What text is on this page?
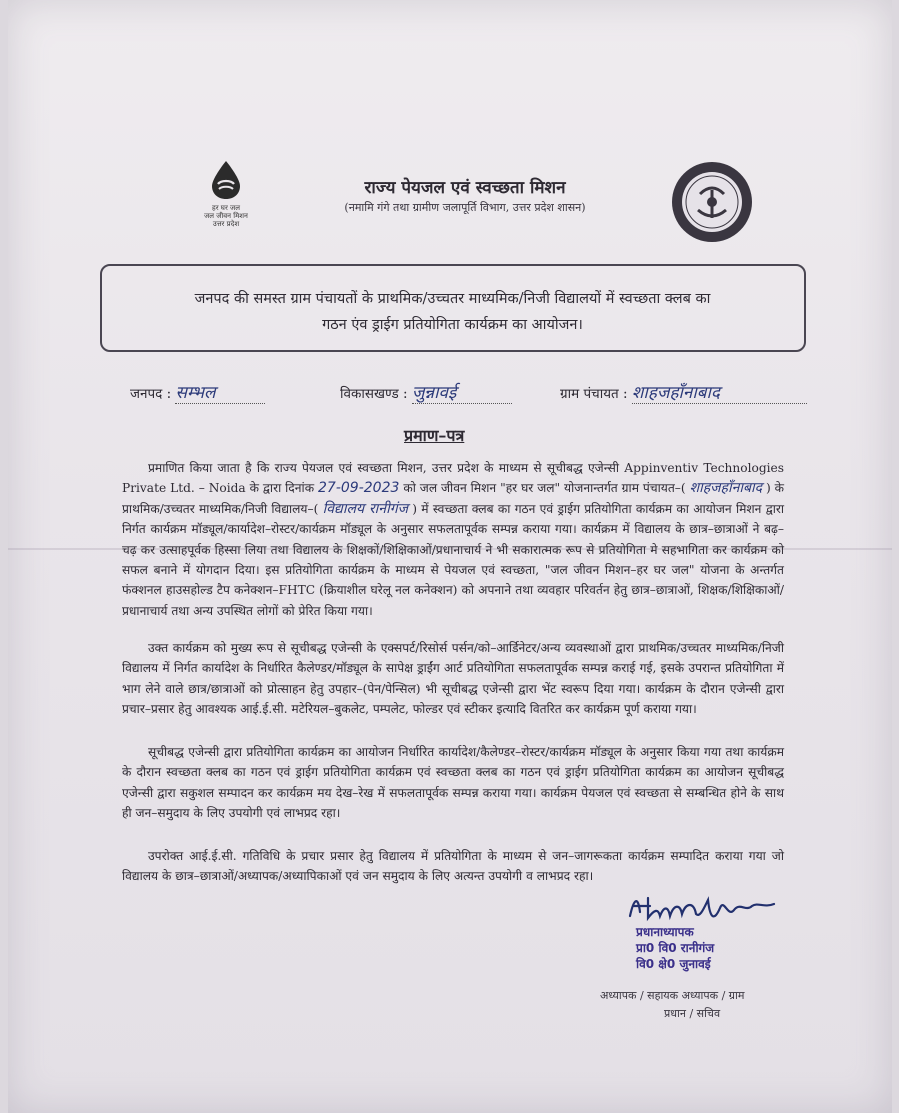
हर घर जल
जल जीवन मिशन
उत्तर प्रदेश
राज्य पेयजल एवं स्वच्छता मिशन
(नमामि गंगे तथा ग्रामीण जलापूर्ति विभाग, उत्तर प्रदेश शासन)
जनपद की समस्त ग्राम पंचायतों के प्राथमिक/उच्चतर माध्यमिक/निजी विद्यालयों में स्वच्छता क्लब का
गठन एंव ड्राईग प्रतियोगिता कार्यक्रम का आयोजन।
जनपद : सम्भल	विकासखण्ड : जुन्नावई	ग्राम पंचायत : शाहजहाँनाबाद
प्रमाण–पत्र
प्रमाणित किया जाता है कि राज्य पेयजल एवं स्वच्छता मिशन, उत्तर प्रदेश के माध्यम से सूचीबद्ध एजेन्सी Appinventiv Technologies Private Ltd. – Noida के द्वारा दिनांक 27-09-2023 को जल जीवन मिशन "हर घर जल" योजनान्तर्गत ग्राम पंचायत–( शाहजहाँनाबाद ) के प्राथमिक/उच्चतर माध्यमिक/निजी विद्यालय–( विद्यालय रानीगंज ) में स्वच्छता क्लब का गठन एवं ड्राईग प्रतियोगिता कार्यक्रम का आयोजन मिशन द्वारा निर्गत कार्यक्रम मॉड्यूल/कार्यादेश–रोस्टर/कार्यक्रम मॉड्यूल के अनुसार सफलतापूर्वक सम्पन्न कराया गया। कार्यक्रम में विद्यालय के छात्र–छात्राओं ने बढ़–चढ़ कर उत्साहपूर्वक हिस्सा लिया तथा विद्यालय के शिक्षकों/शिक्षिकाओं/प्रधानाचार्य ने भी सकारात्मक रूप से प्रतियोगिता मे सहभागिता कर कार्यक्रम को सफल बनाने में योगदान दिया। इस प्रतियोगिता कार्यक्रम के माध्यम से पेयजल एवं स्वच्छता, "जल जीवन मिशन–हर घर जल" योजना के अन्तर्गत फंक्शनल हाउसहोल्ड टैप कनेक्शन–FHTC (क्रियाशील घरेलू नल कनेक्शन) को अपनाने तथा व्यवहार परिवर्तन हेतु छात्र–छात्राओं, शिक्षक/शिक्षिकाओं/प्रधानाचार्य तथा अन्य उपस्थित लोगों को प्रेरित किया गया।
उक्त कार्यक्रम को मुख्य रूप से सूचीबद्ध एजेन्सी के एक्सपर्ट/रिसोर्स पर्सन/को–आर्डिनेटर/अन्य व्यवस्थाओं द्वारा प्राथमिक/उच्चतर माध्यमिक/निजी विद्यालय में निर्गत कार्यादेश के निर्धारित कैलेण्डर/मॉड्यूल के सापेक्ष ड्राईंग आर्ट प्रतियोगिता सफलतापूर्वक सम्पन्न कराई गई, इसके उपरान्त प्रतियोगिता में भाग लेने वाले छात्र/छात्राओं को प्रोत्साहन हेतु उपहार–(पेन/पेन्सिल) भी सूचीबद्ध एजेन्सी द्वारा भेंट स्वरूप दिया गया। कार्यक्रम के दौरान एजेन्सी द्वारा प्रचार–प्रसार हेतु आवश्यक आई.ई.सी. मटेरियल–बुकलेट, पम्पलेट, फोल्डर एवं स्टीकर इत्यादि वितरित कर कार्यक्रम पूर्ण कराया गया।
सूचीबद्ध एजेन्सी द्वारा प्रतियोगिता कार्यक्रम का आयोजन निर्धारित कार्यादेश/कैलेण्डर–रोस्टर/कार्यक्रम मॉड्यूल के अनुसार किया गया तथा कार्यक्रम के दौरान स्वच्छता क्लब का गठन एवं ड्राईग प्रतियोगिता कार्यक्रम एवं स्वच्छता क्लब का गठन एवं ड्राईग प्रतियोगिता कार्यक्रम का आयोजन सूचीबद्ध एजेन्सी द्वारा सकुशल सम्पादन कर कार्यक्रम मय देख–रेख में सफलतापूर्वक सम्पन्न कराया गया। कार्यक्रम पेयजल एवं स्वच्छता से सम्बन्धित होने के साथ ही जन–समुदाय के लिए उपयोगी एवं लाभप्रद रहा।
उपरोक्त आई.ई.सी. गतिविधि के प्रचार प्रसार हेतु विद्यालय में प्रतियोगिता के माध्यम से जन–जागरूकता कार्यक्रम सम्पादित कराया गया जो विद्यालय के छात्र–छात्राओं/अध्यापक/अध्यापिकाओं एवं जन समुदाय के लिए अत्यन्त उपयोगी व लाभप्रद रहा।
प्रधानाध्यापक
प्रा0 वि0 रानीगंज
वि0 क्षे0 जुनावई
अध्यापक / सहायक अध्यापक / ग्राम
प्रधान / सचिव
